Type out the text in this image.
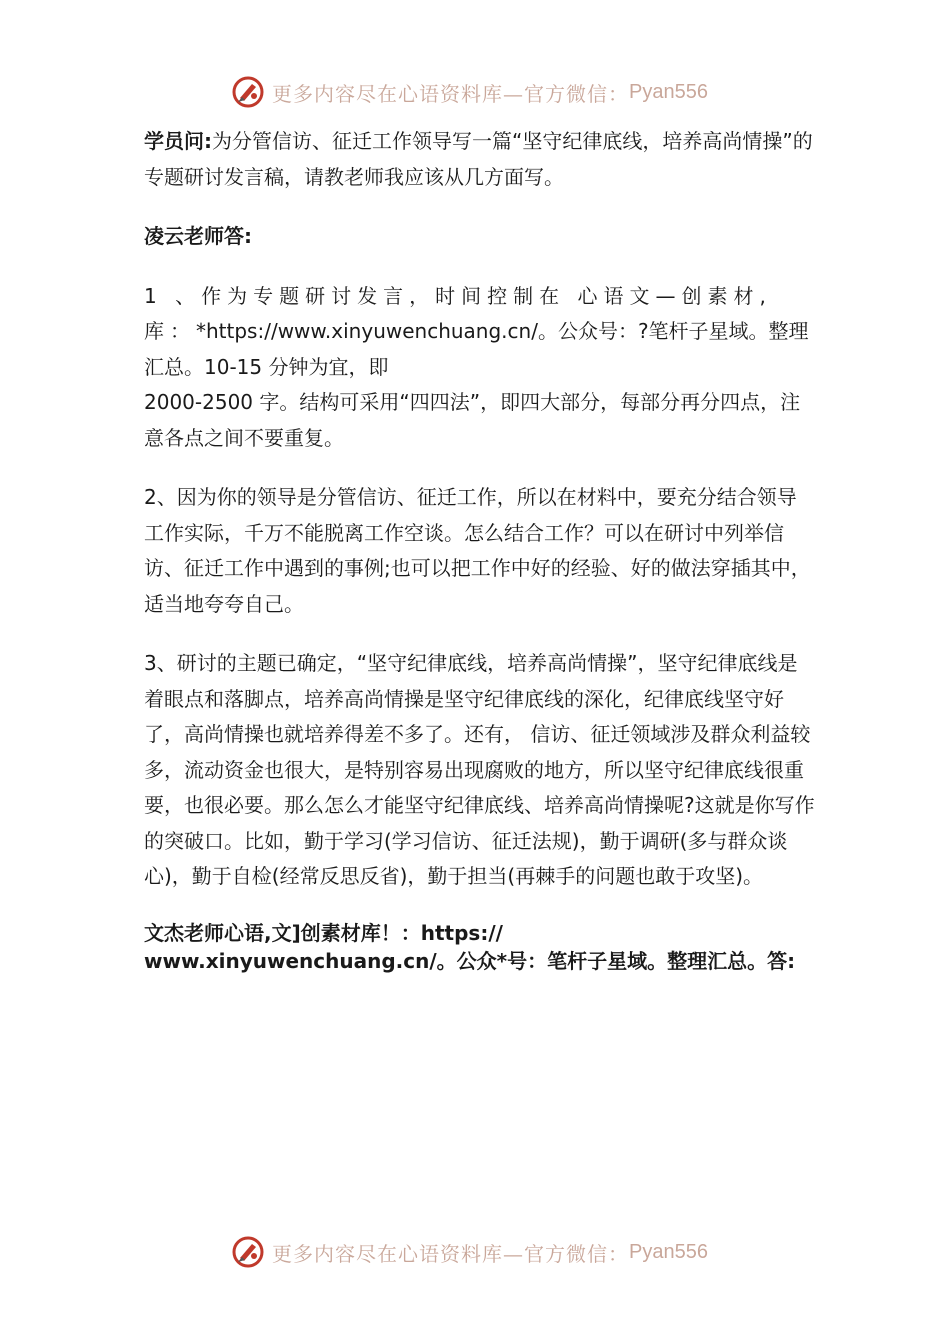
更多内容尽在心语资料库—官方微信： Pyan556

学员问:为分管信访、征迁工作领导写一篇“坚守纪律底线，培养高尚情操”的专题研讨发言稿，请教老师我应该从几方面写。

凌云老师答:

1 、作为专题研讨发言，时间控制在 心语文—创素材,库：*https://www.xinyuwenchuang.cn/。公众号：?笔杆子星域。整理汇总。10-15 分钟为宜，即

2000-2500 字。结构可采用“四四法”，即四大部分，每部分再分四点，注意各点之间不要重复。

2、因为你的领导是分管信访、征迁工作，所以在材料中，要充分结合领导工作实际，千万不能脱离工作空谈。怎么结合工作？可以在研讨中列举信访、征迁工作中遇到的事例;也可以把工作中好的经验、好的做法穿插其中，适当地夸夸自己。

3、研讨的主题已确定，“坚守纪律底线，培养高尚情操”，坚守纪律底线是着眼点和落脚点，培养高尚情操是坚守纪律底线的深化，纪律底线坚守好了，高尚情操也就培养得差不多了。还有， 信访、征迁领域涉及群众利益较多，流动资金也很大，是特别容易出现腐败的地方，所以坚守纪律底线很重要，也很必要。那么怎么才能坚守纪律底线、培养高尚情操呢?这就是你写作的突破口。比如，勤于学习(学习信访、征迁法规)，勤于调研(多与群众谈心)，勤于自检(经常反思反省)，勤于担当(再棘手的问题也敢于攻坚)。

文杰老师心语,文]创素材库！：https://
www.xinyuwenchuang.cn/。公众*号：笔杆子星域。整理汇总。答:

更多内容尽在心语资料库—官方微信： Pyan556
